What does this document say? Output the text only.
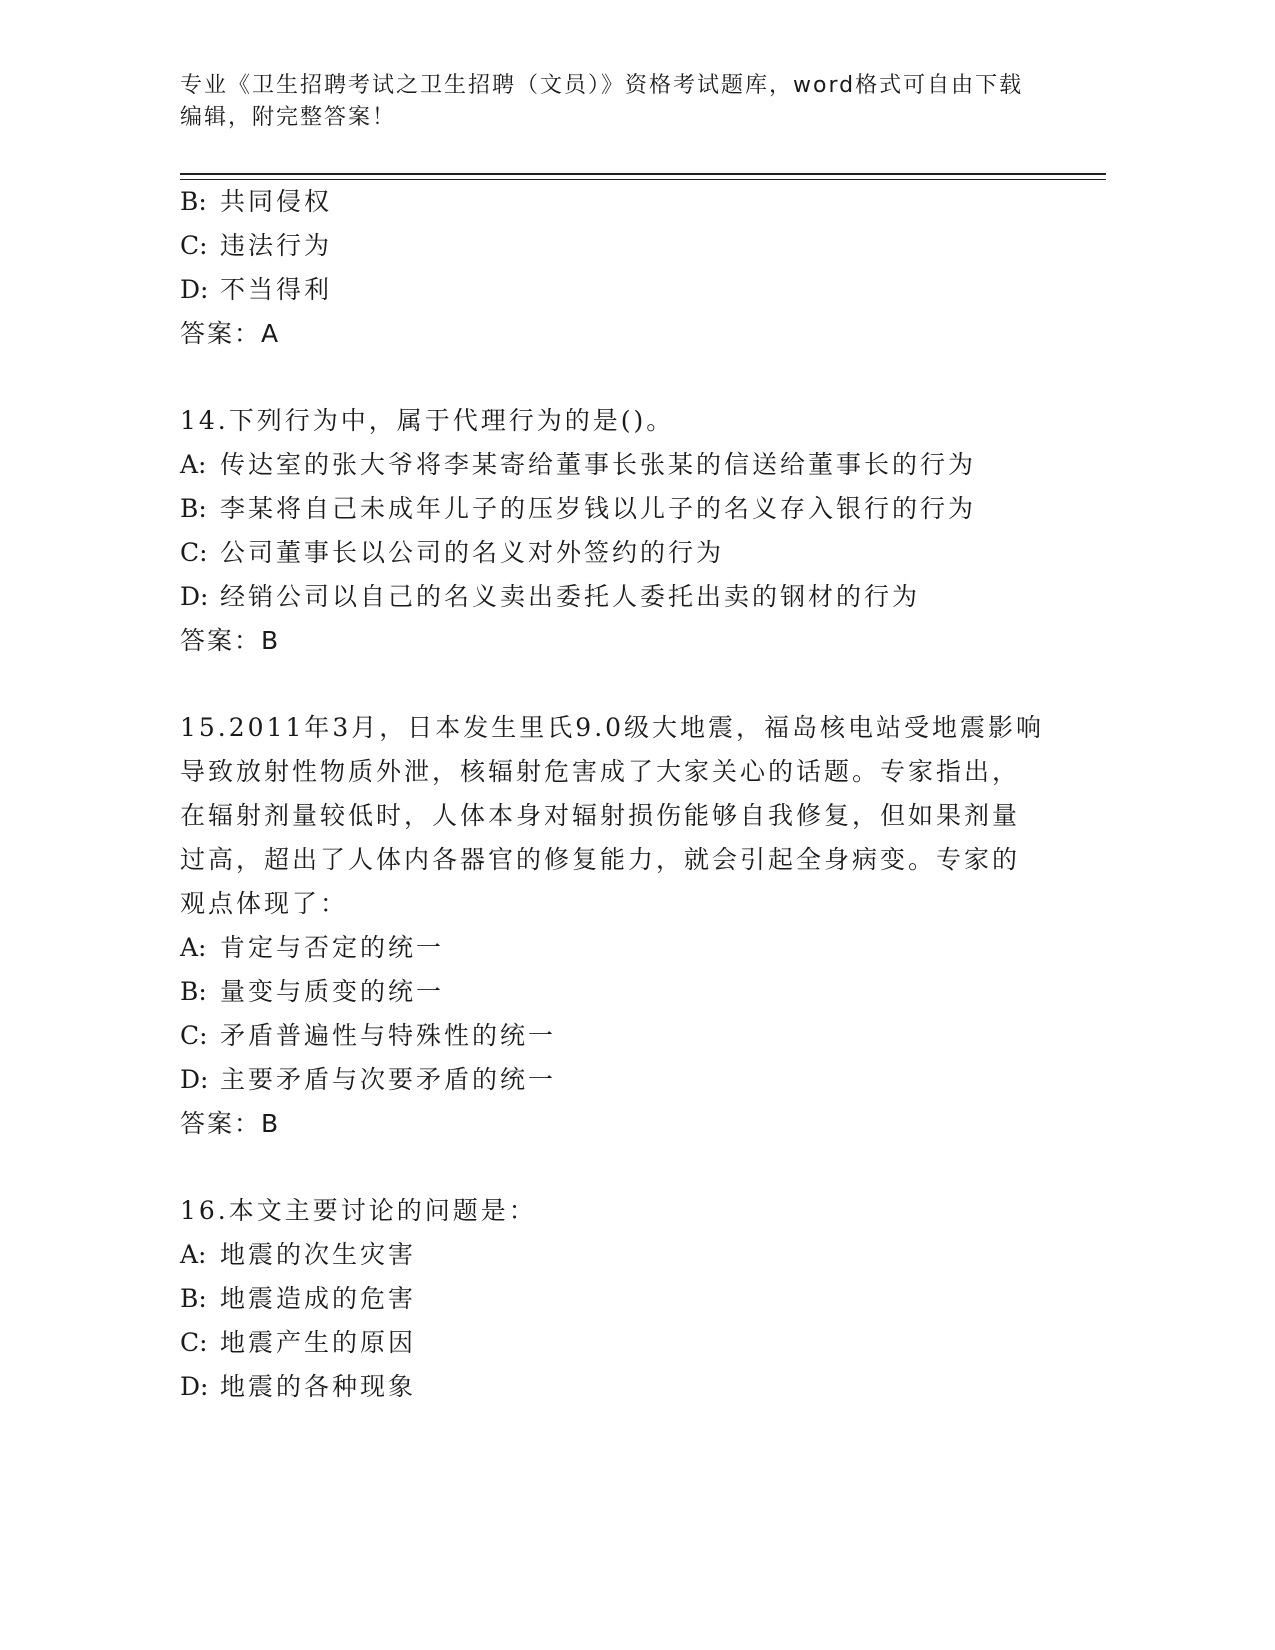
专业《卫生招聘考试之卫生招聘（文员）》资格考试题库，word格式可自由下载
编辑，附完整答案！
B: 共同侵权
C: 违法行为
D: 不当得利
答案：A
14.下列行为中，属于代理行为的是()。
A: 传达室的张大爷将李某寄给董事长张某的信送给董事长的行为
B: 李某将自己未成年儿子的压岁钱以儿子的名义存入银行的行为
C: 公司董事长以公司的名义对外签约的行为
D: 经销公司以自己的名义卖出委托人委托出卖的钢材的行为
答案：B
15.2011年3月，日本发生里氏9.0级大地震，福岛核电站受地震影响
导致放射性物质外泄，核辐射危害成了大家关心的话题。专家指出，
在辐射剂量较低时，人体本身对辐射损伤能够自我修复，但如果剂量
过高，超出了人体内各器官的修复能力，就会引起全身病变。专家的
观点体现了：
A: 肯定与否定的统一
B: 量变与质变的统一
C: 矛盾普遍性与特殊性的统一
D: 主要矛盾与次要矛盾的统一
答案：B
16.本文主要讨论的问题是：
A: 地震的次生灾害
B: 地震造成的危害
C: 地震产生的原因
D: 地震的各种现象
